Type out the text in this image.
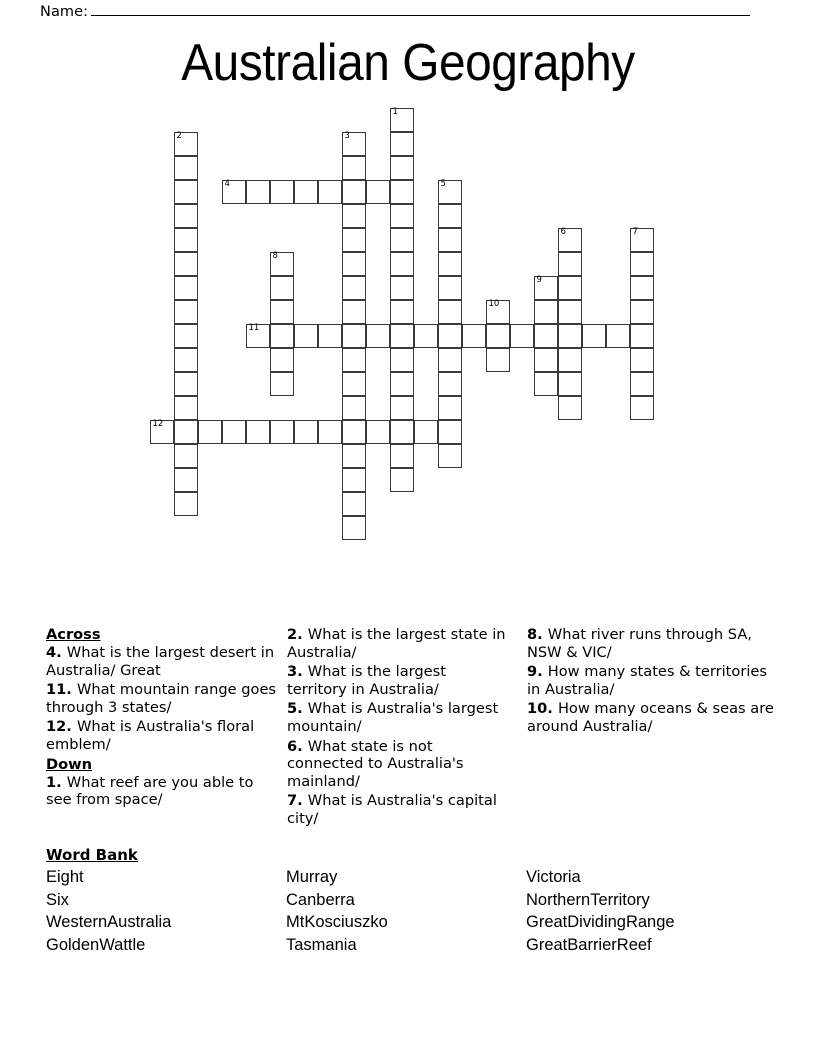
Name:
Australian Geography
1
2	3
4	5
6	7
8
9
10
11
12
Across
4. What is the largest desert in Australia/ Great
11. What mountain range goes through 3 states/
12. What is Australia's floral emblem/
Down
1. What reef are you able to see from space/
2. What is the largest state in Australia/
3. What is the largest territory in Australia/
5. What is Australia's largest mountain/
6. What state is not connected to Australia's mainland/
7. What is Australia's capital city/
8. What river runs through SA, NSW & VIC/
9. How many states & territories in Australia/
10. How many oceans & seas are around Australia/
Word Bank
Eight
Six
WesternAustralia
GoldenWattle
Murray
Canberra
MtKosciuszko
Tasmania
Victoria
NorthernTerritory
GreatDividingRange
GreatBarrierReef
